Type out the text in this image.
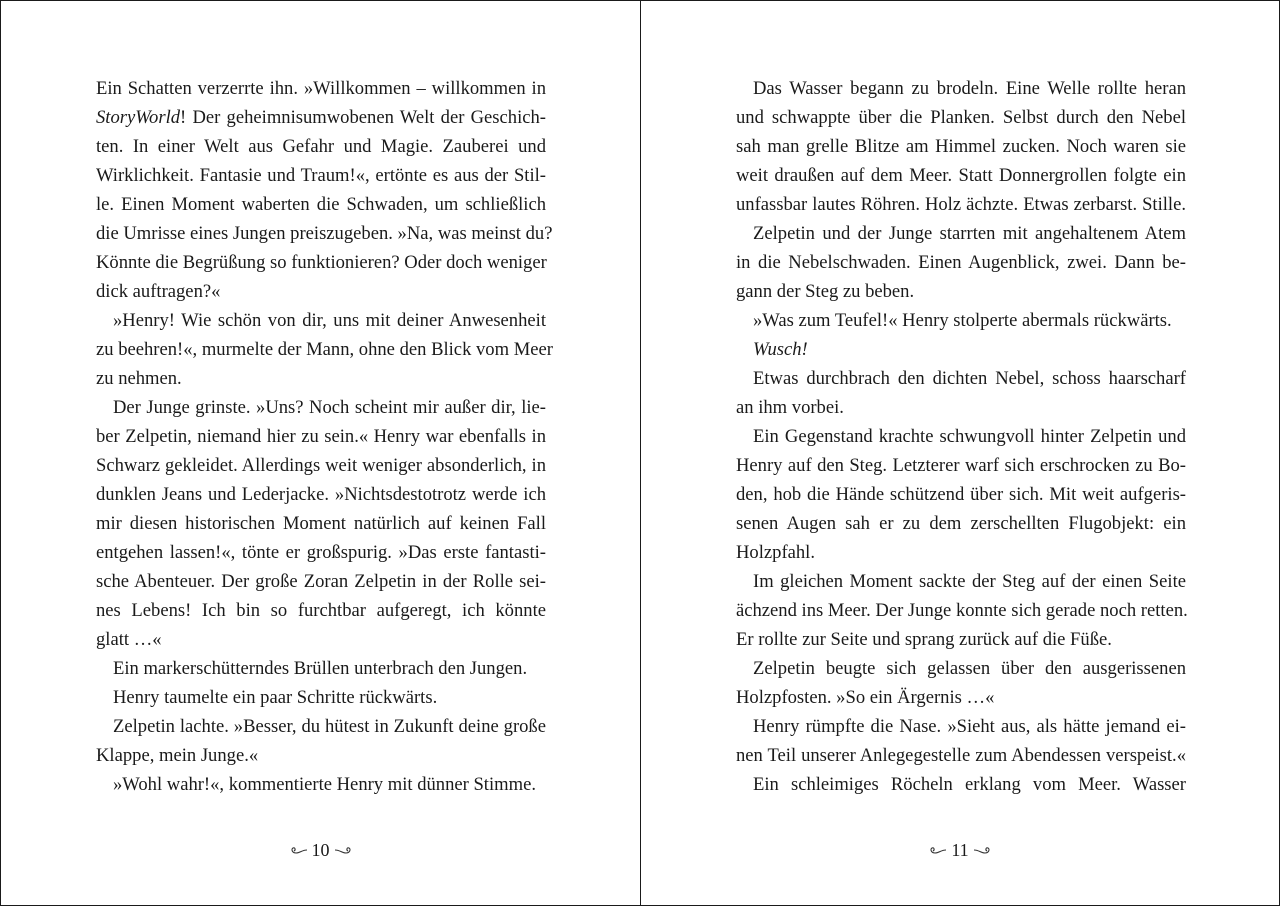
Ein Schatten verzerrte ihn. »Willkommen – willkommen in
StoryWorld! Der geheimnisumwobenen Welt der Geschich-
ten. In einer Welt aus Gefahr und Magie. Zauberei und
Wirklichkeit. Fantasie und Traum!«, ertönte es aus der Stil-
le. Einen Moment waberten die Schwaden, um schließlich
die Umrisse eines Jungen preiszugeben. »Na, was meinst du?
Könnte die Begrüßung so funktionieren? Oder doch weniger
dick auftragen?«
»Henry! Wie schön von dir, uns mit deiner Anwesenheit
zu beehren!«, murmelte der Mann, ohne den Blick vom Meer
zu nehmen.
Der Junge grinste. »Uns? Noch scheint mir außer dir, lie-
ber Zelpetin, niemand hier zu sein.« Henry war ebenfalls in
Schwarz gekleidet. Allerdings weit weniger absonderlich, in
dunklen Jeans und Lederjacke. »Nichtsdestotrotz werde ich
mir diesen historischen Moment natürlich auf keinen Fall
entgehen lassen!«, tönte er großspurig. »Das erste fantasti-
sche Abenteuer. Der große Zoran Zelpetin in der Rolle sei-
nes Lebens! Ich bin so furchtbar aufgeregt, ich könnte
glatt …«
Ein markerschütterndes Brüllen unterbrach den Jungen.
Henry taumelte ein paar Schritte rückwärts.
Zelpetin lachte. »Besser, du hütest in Zukunft deine große
Klappe, mein Junge.«
»Wohl wahr!«, kommentierte Henry mit dünner Stimme.
10
Das Wasser begann zu brodeln. Eine Welle rollte heran
und schwappte über die Planken. Selbst durch den Nebel
sah man grelle Blitze am Himmel zucken. Noch waren sie
weit draußen auf dem Meer. Statt Donnergrollen folgte ein
unfassbar lautes Röhren. Holz ächzte. Etwas zerbarst. Stille.
Zelpetin und der Junge starrten mit angehaltenem Atem
in die Nebelschwaden. Einen Augenblick, zwei. Dann be-
gann der Steg zu beben.
»Was zum Teufel!« Henry stolperte abermals rückwärts.
Wusch!
Etwas durchbrach den dichten Nebel, schoss haarscharf
an ihm vorbei.
Ein Gegenstand krachte schwungvoll hinter Zelpetin und
Henry auf den Steg. Letzterer warf sich erschrocken zu Bo-
den, hob die Hände schützend über sich. Mit weit aufgeris-
senen Augen sah er zu dem zerschellten Flugobjekt: ein
Holzpfahl.
Im gleichen Moment sackte der Steg auf der einen Seite
ächzend ins Meer. Der Junge konnte sich gerade noch retten.
Er rollte zur Seite und sprang zurück auf die Füße.
Zelpetin beugte sich gelassen über den ausgerissenen
Holzpfosten. »So ein Ärgernis …«
Henry rümpfte die Nase. »Sieht aus, als hätte jemand ei-
nen Teil unserer Anlegegestelle zum Abendessen verspeist.«
Ein schleimiges Röcheln erklang vom Meer. Wasser
11
